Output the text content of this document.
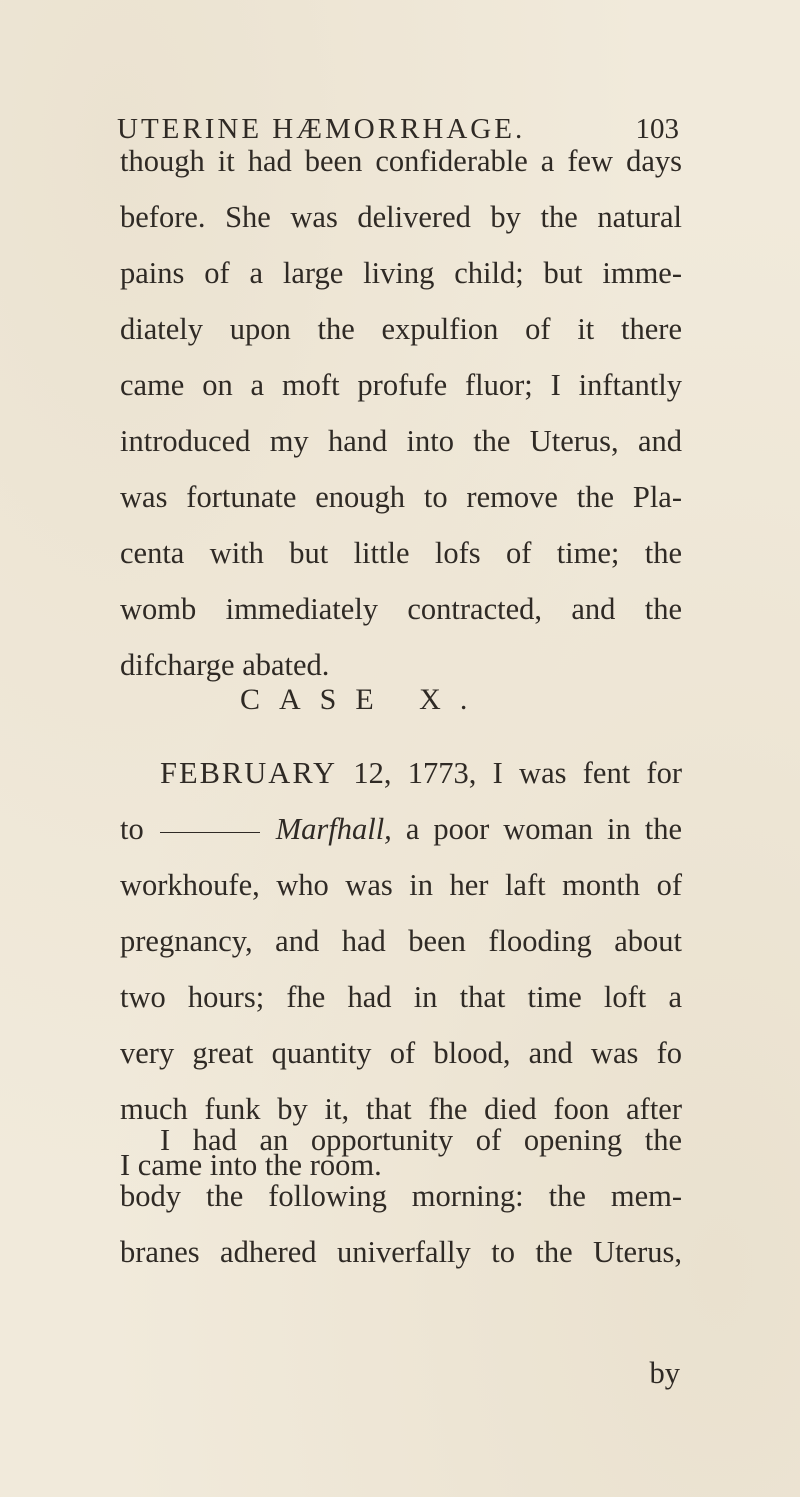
UTERINE HÆMORRHAGE.	103
though it had been confiderable a few days
before. She was delivered by the natural
pains of a large living child; but imme-
diately upon the expulfion of it there
came on a moft profufe fluor; I inftantly
introduced my hand into the Uterus, and
was fortunate enough to remove the Pla-
centa with but little lofs of time; the
womb immediately contracted, and the
difcharge abated.
CASE X.
FEBRUARY 12, 1773, I was fent for
to	Marfhall, a poor woman in the
workhoufe, who was in her laft month of
pregnancy, and had been flooding about
two hours; fhe had in that time loft a
very great quantity of blood, and was fo
much funk by it, that fhe died foon after
I came into the room.
I had an opportunity of opening the
body the following morning: the mem-
branes adhered univerfally to the Uterus,
by
